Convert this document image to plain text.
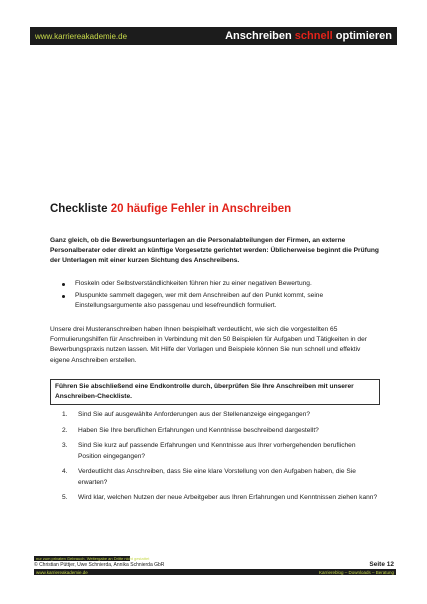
www.karriereakademie.de	Anschreiben schnell optimieren
Checkliste 20 häufige Fehler in Anschreiben
Ganz gleich, ob die Bewerbungsunterlagen an die Personalabteilungen der Firmen, an externe Personalberater oder direkt an künftige Vorgesetzte gerichtet werden: Üblicherweise beginnt die Prüfung der Unterlagen mit einer kurzen Sichtung des Anschreibens.
Floskeln oder Selbstverständlichkeiten führen hier zu einer negativen Bewertung.
Pluspunkte sammelt dagegen, wer mit dem Anschreiben auf den Punkt kommt, seine Einstellungsargumente also passgenau und lesefreundlich formuliert.
Unsere drei Musteranschreiben haben Ihnen beispielhaft verdeutlicht, wie sich die vorgestellten 65 Formulierungshilfen für Anschreiben in Verbindung mit den 50 Beispielen für Aufgaben und Tätigkeiten in der Bewerbungspraxis nutzen lassen. Mit Hilfe der Vorlagen und Beispiele können Sie nun schnell und effektiv eigene Anschreiben erstellen.
Führen Sie abschließend eine Endkontrolle durch, überprüfen Sie Ihre Anschreiben mit unserer Anschreiben-Checkliste.
1.	Sind Sie auf ausgewählte Anforderungen aus der Stellenanzeige eingegangen?
2.	Haben Sie Ihre beruflichen Erfahrungen und Kenntnisse beschreibend dargestellt?
3.	Sind Sie kurz auf passende Erfahrungen und Kenntnisse aus Ihrer vorhergehenden beruflichen Position eingegangen?
4.	Verdeutlicht das Anschreiben, dass Sie eine klare Vorstellung von den Aufgaben haben, die Sie erwarten?
5.	Wird klar, welchen Nutzen der neue Arbeitgeber aus Ihren Erfahrungen und Kenntnissen ziehen kann?
nur zum privaten Gebrauch, Weitergabe an Dritte nicht gestattet
© Christian Püttjer, Uwe Schnierda, Annika Schnierda GbR	Seite 12
www.karriereakademie.de	Karriereblog – Downloads – Beratung
